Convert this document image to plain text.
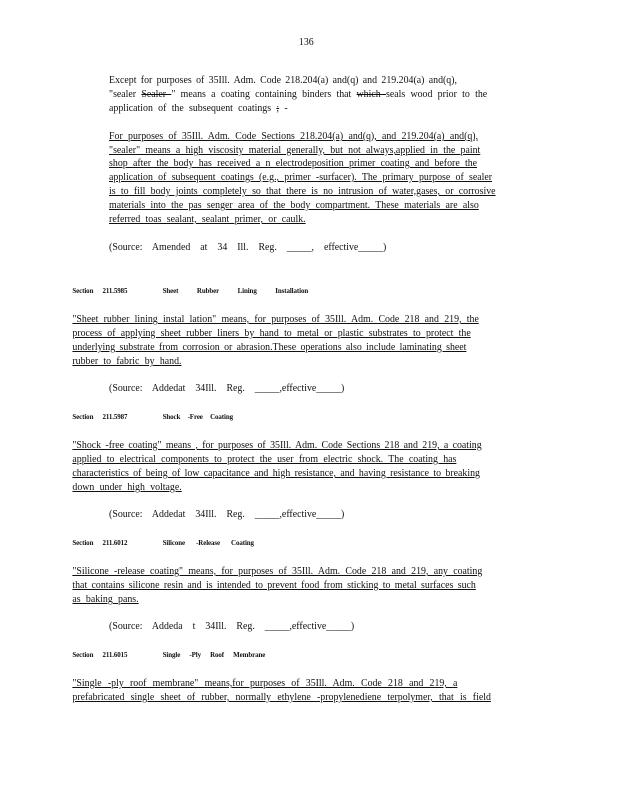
136
Except for purposes of 35Ill. Adm. Code 218.204(a) and(q) and 219.204(a) and(q),
"sealer Sealer " means a coating containing binders that which seals wood prior to the
application of the subsequent coatings ; -
For purposes of 35Ill. Adm. Code Sections 218.204(a) and(q), and 219.204(a) and(q),
"sealer" means a high viscosity material generally, but not always,applied in the paint
shop after the body has received a n electrodeposition primer coating and before the
application of subsequent coatings (e.g., primer -surfacer). The primary purpose of sealer
is to fill body joints completely so that there is no intrusion of water,gases, or corrosive
materials into the pas senger area of the body compartment. These materials are also
referred toas sealant, sealant primer, or caulk.
(Source: Amended at 34 Ill. Reg. _____, effective_____)
Section 211.5985	Sheet Rubber Lining Installation
"Sheet rubber lining instal lation" means, for purposes of 35Ill. Adm. Code 218 and 219, the
process of applying sheet rubber liners by hand to metal or plastic substrates to protect the
underlying substrate from corrosion or abrasion.These operations also include laminating sheet
rubber to fabric by hand.
(Source: Addedat 34Ill. Reg. _____,effective_____)
Section 211.5987	Shock -Free Coating
"Shock -free coating" means , for purposes of 35Ill. Adm. Code Sections 218 and 219, a coating
applied to electrical components to protect the user from electric shock. The coating has
characteristics of being of low capacitance and high resistance, and having resistance to breaking
down under high voltage.
(Source: Addedat 34Ill. Reg. _____,effective_____)
Section 211.6012	Silicone -Release Coating
"Silicone -release coating" means, for purposes of 35Ill. Adm. Code 218 and 219, any coating
that contains silicone resin and is intended to prevent food from sticking to metal surfaces such
as baking pans.
(Source: Addeda t 34Ill. Reg. _____,effective_____)
Section 211.6015	Single -Ply Roof Membrane
"Single -ply roof membrane" means,for purposes of 35Ill. Adm. Code 218 and 219, a
prefabricated single sheet of rubber, normally ethylene -propylenediene terpolymer, that is field
